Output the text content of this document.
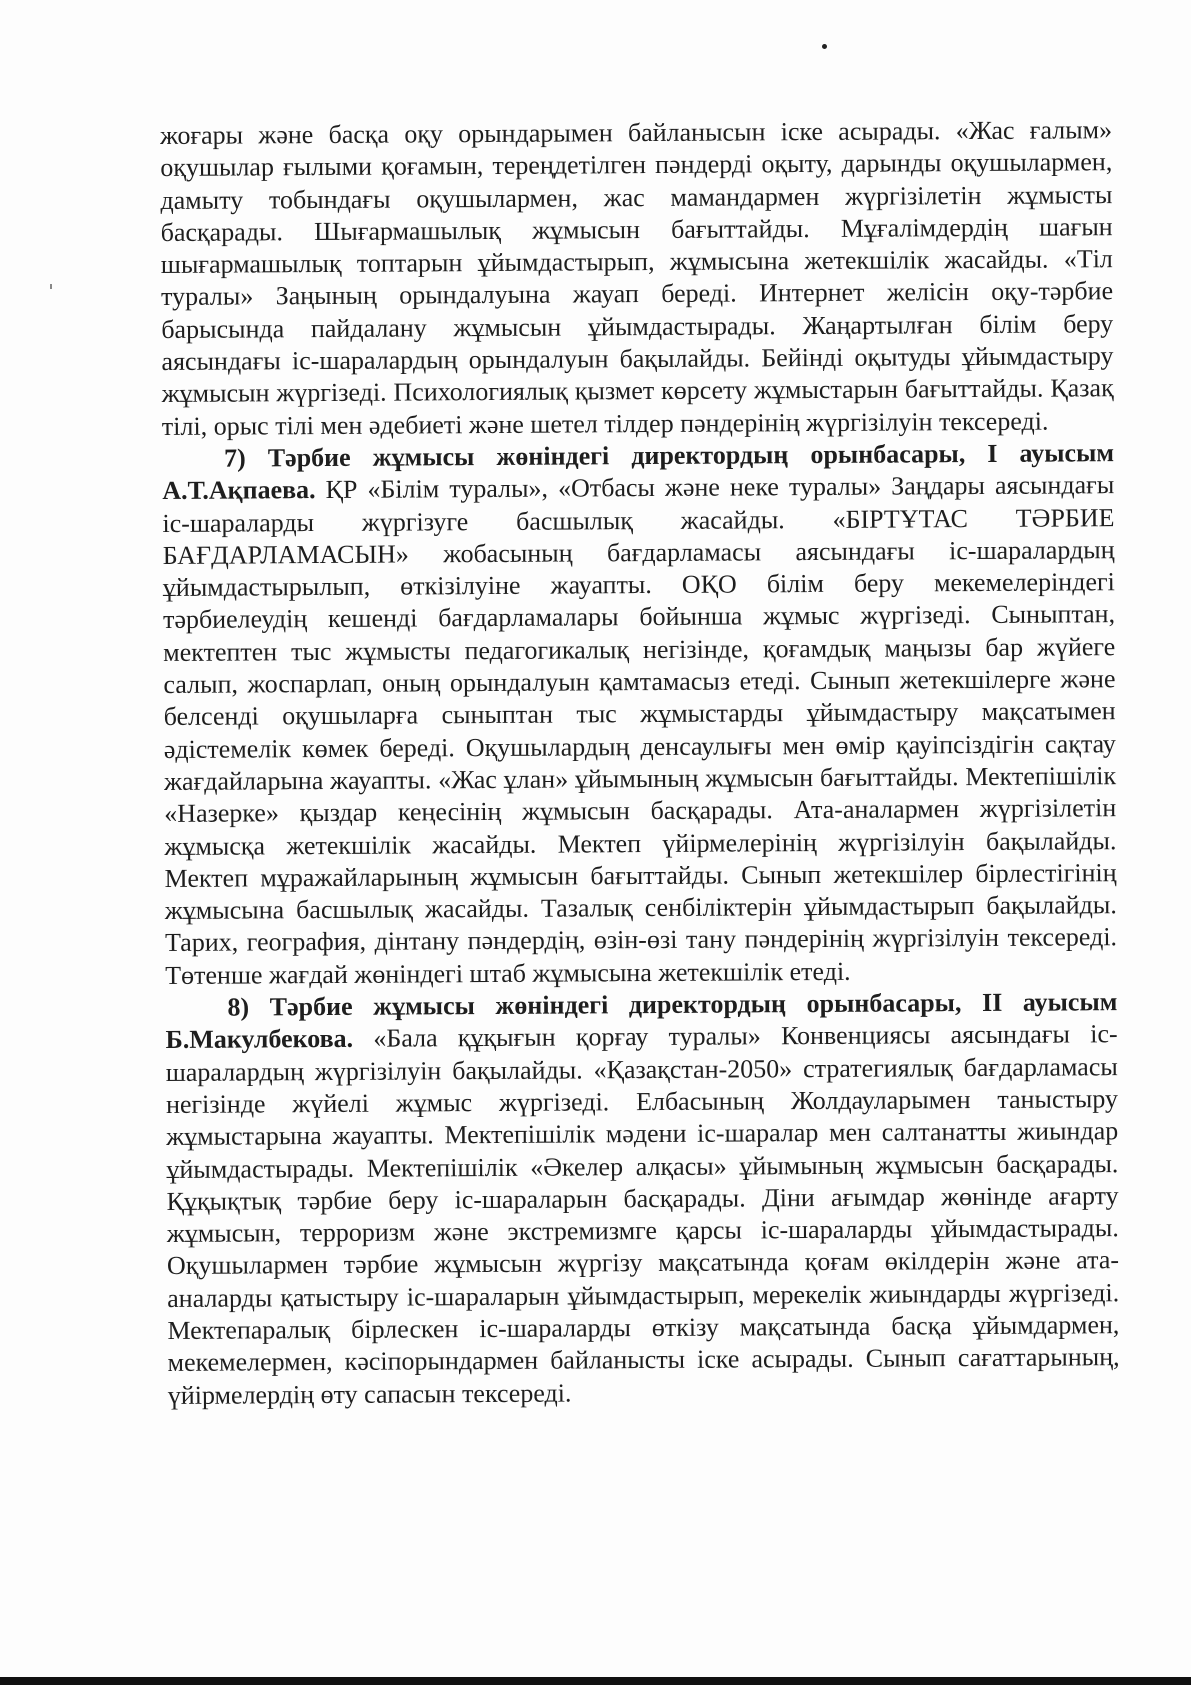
жоғары және басқа оқу орындарымен байланысын іске асырады. «Жас ғалым» оқушылар ғылыми қоғамын, тереңдетілген пәндерді оқыту, дарынды оқушылармен, дамыту тобындағы оқушылармен, жас мамандармен жүргізілетін жұмысты басқарады. Шығармашылық жұмысын бағыттайды. Мұғалімдердің шағын шығармашылық топтарын ұйымдастырып, жұмысына жетекшілік жасайды. «Тіл туралы» Заңының орындалуына жауап береді. Интернет желісін оқу-тәрбие барысында пайдалану жұмысын ұйымдастырады. Жаңартылған білім беру аясындағы іс-шаралардың орындалуын бақылайды. Бейінді оқытуды ұйымдастыру жұмысын жүргізеді. Психологиялық қызмет көрсету жұмыстарын бағыттайды. Қазақ тілі, орыс тілі мен әдебиеті және шетел тілдер пәндерінің жүргізілуін тексереді.

7) Тәрбие жұмысы жөніндегі директордың орынбасары, І ауысым А.Т.Ақпаева. ҚР «Білім туралы», «Отбасы және неке туралы» Заңдары аясындағы іс-шараларды жүргізуге басшылық жасайды. «БІРТҰТАС ТӘРБИЕ БАҒДАРЛАМАСЫН» жобасының бағдарламасы аясындағы іс-шаралардың ұйымдастырылып, өткізілуіне жауапты. ОҚО білім беру мекемелеріндегі тәрбиелеудің кешенді бағдарламалары бойынша жұмыс жүргізеді. Сыныптан, мектептен тыс жұмысты педагогикалық негізінде, қоғамдық маңызы бар жүйеге салып, жоспарлап, оның орындалуын қамтамасыз етеді. Сынып жетекшілерге және белсенді оқушыларға сыныптан тыс жұмыстарды ұйымдастыру мақсатымен әдістемелік көмек береді. Оқушылардың денсаулығы мен өмір қауіпсіздігін сақтау жағдайларына жауапты. «Жас ұлан» ұйымының жұмысын бағыттайды. Мектепішілік «Назерке» қыздар кеңесінің жұмысын басқарады. Ата-аналармен жүргізілетін жұмысқа жетекшілік жасайды. Мектеп үйірмелерінің жүргізілуін бақылайды. Мектеп мұражайларының жұмысын бағыттайды. Сынып жетекшілер бірлестігінің жұмысына басшылық жасайды. Тазалық сенбіліктерін ұйымдастырып бақылайды. Тарих, география, дінтану пәндердің, өзін-өзі тану пәндерінің жүргізілуін тексереді. Төтенше жағдай жөніндегі штаб жұмысына жетекшілік етеді.

8) Тәрбие жұмысы жөніндегі директордың орынбасары, ІІ ауысым Б.Макулбекова. «Бала құқығын қорғау туралы» Конвенциясы аясындағы іс-шаралардың жүргізілуін бақылайды. «Қазақстан-2050» стратегиялық бағдарламасы негізінде жүйелі жұмыс жүргізеді. Елбасының Жолдауларымен таныстыру жұмыстарына жауапты. Мектепішілік мәдени іс-шаралар мен салтанатты жиындар ұйымдастырады. Мектепішілік «Әкелер алқасы» ұйымының жұмысын басқарады. Құқықтық тәрбие беру іс-шараларын басқарады. Діни ағымдар жөнінде ағарту жұмысын, терроризм және экстремизмге қарсы іс-шараларды ұйымдастырады. Оқушылармен тәрбие жұмысын жүргізу мақсатында қоғам өкілдерін және ата-аналарды қатыстыру іс-шараларын ұйымдастырып, мерекелік жиындарды жүргізеді. Мектепаралық бірлескен іс-шараларды өткізу мақсатында басқа ұйымдармен, мекемелермен, кәсіпорындармен байланысты іске асырады. Сынып сағаттарының, үйірмелердің өту сапасын тексереді.
